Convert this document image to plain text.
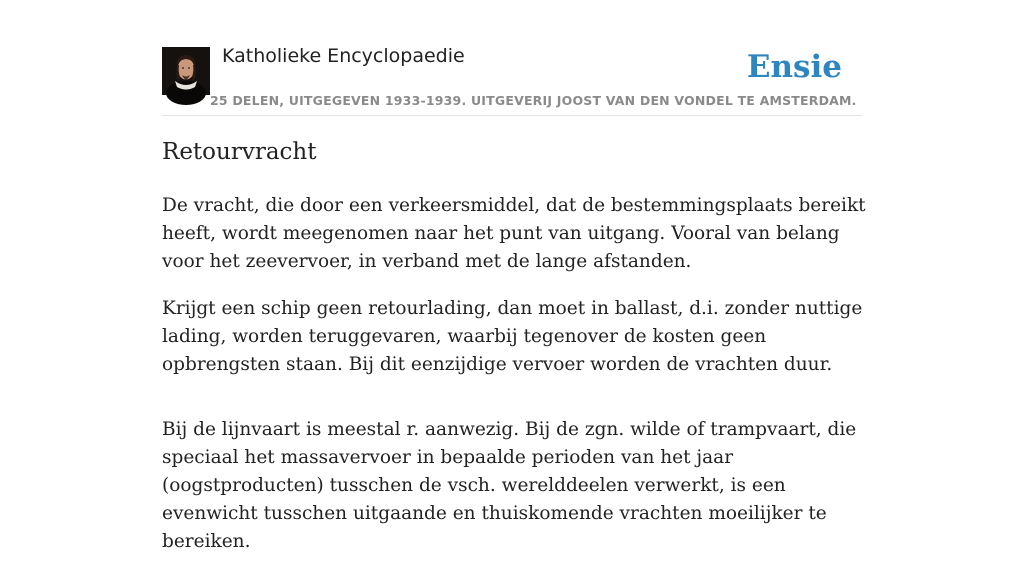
Katholieke Encyclopaedie
25 DELEN, UITGEGEVEN 1933-1939. UITGEVERIJ JOOST VAN DEN VONDEL TE AMSTERDAM.
Ensie
Retourvracht

De vracht, die door een verkeersmiddel, dat de bestemmingsplaats bereikt heeft, wordt meegenomen naar het punt van uitgang. Vooral van belang voor het zeevervoer, in verband met de lange afstanden.

Krijgt een schip geen retourlading, dan moet in ballast, d.i. zonder nuttige lading, worden teruggevaren, waarbij tegenover de kosten geen opbrengsten staan. Bij dit eenzijdige vervoer worden de vrachten duur.

Bij de lijnvaart is meestal r. aanwezig. Bij de zgn. wilde of trampvaart, die speciaal het massavervoer in bepaalde perioden van het jaar (oogstproducten) tusschen de vsch. werelddeelen verwerkt, is een evenwicht tusschen uitgaande en thuiskomende vrachten moeilijker te bereiken.
